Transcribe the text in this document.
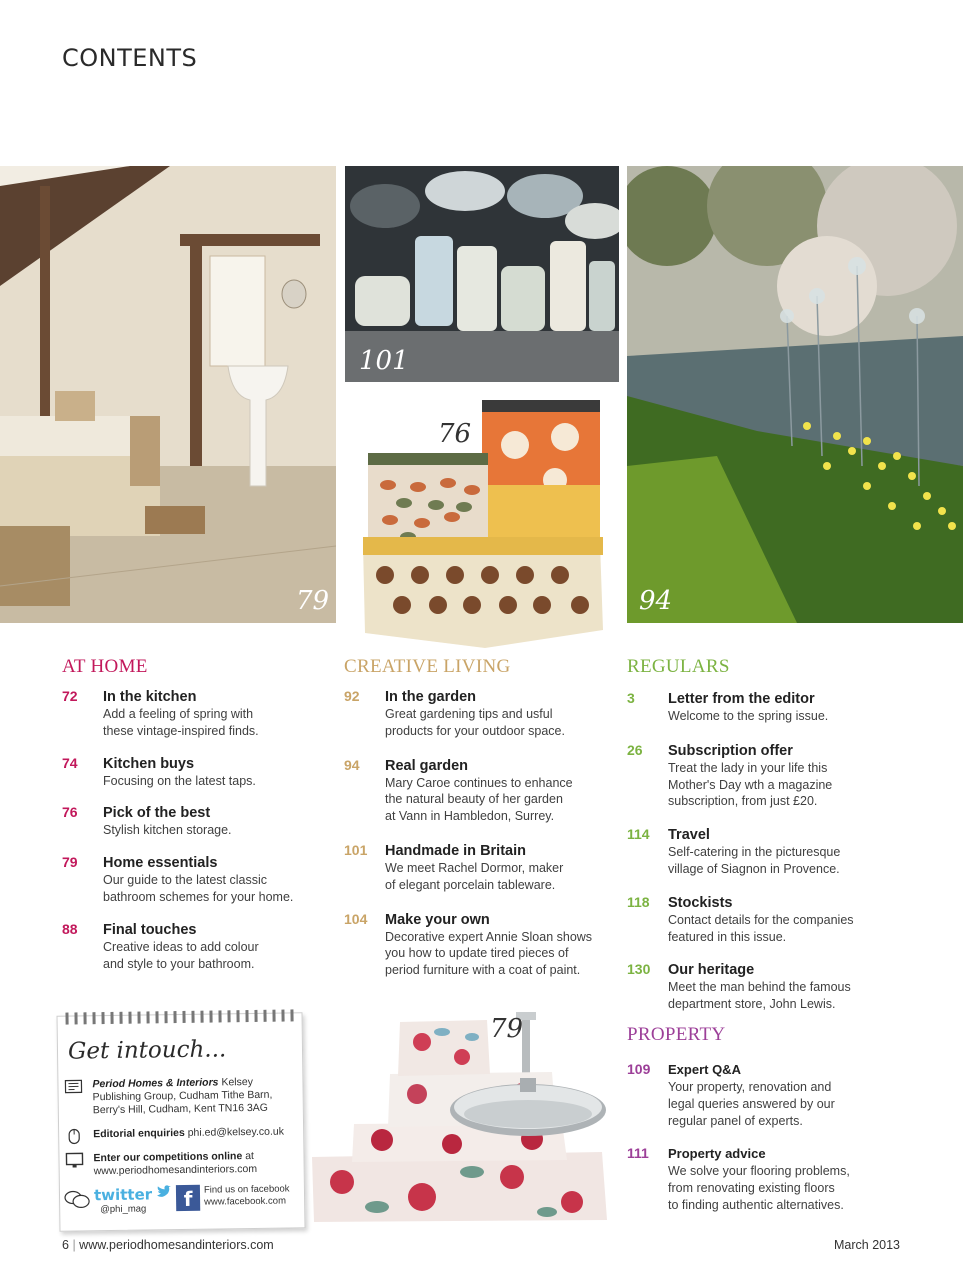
CONTENTS
79
101
76
94
AT HOME	CREATIVE LIVING	REGULARS
PROPERTY
72 In the kitchen
Add a feeling of spring with
these vintage-inspired finds.
74 Kitchen buys
Focusing on the latest taps.
76 Pick of the best
Stylish kitchen storage.
79 Home essentials
Our guide to the latest classic
bathroom schemes for your home.
88 Final touches
Creative ideas to add colour
and style to your bathroom.
92 In the garden
Great gardening tips and usful
products for your outdoor space.
94 Real garden
Mary Caroe continues to enhance
the natural beauty of her garden
at Vann in Hambledon, Surrey.
101 Handmade in Britain
We meet Rachel Dormor, maker
of elegant porcelain tableware.
104 Make your own
Decorative expert Annie Sloan shows
you how to update tired pieces of
period furniture with a coat of paint.
3 Letter from the editor
Welcome to the spring issue.
26 Subscription offer
Treat the lady in your life this
Mother's Day wth a magazine
subscription, from just £20.
114 Travel
Self-catering in the picturesque
village of Siagnon in Provence.
118 Stockists
Contact details for the companies
featured in this issue.
130 Our heritage
Meet the man behind the famous
department store, John Lewis.
109 Expert Q&A
Your property, renovation and
legal queries answered by our
regular panel of experts.
111 Property advice
We solve your flooring problems,
from renovating existing floors
to finding authentic alternatives.
79
Get intouch...
Period Homes & Interiors Kelsey Publishing Group, Cudham Tithe Barn, Berry's Hill, Cudham, Kent TN16 3AG
Editorial enquiries phi.ed@kelsey.co.uk
Enter our competitions online at www.periodhomesandinteriors.com
twitter
@phi_mag	f	Find us on facebook www.facebook.com
6 | www.periodhomesandinteriors.com	March 2013
